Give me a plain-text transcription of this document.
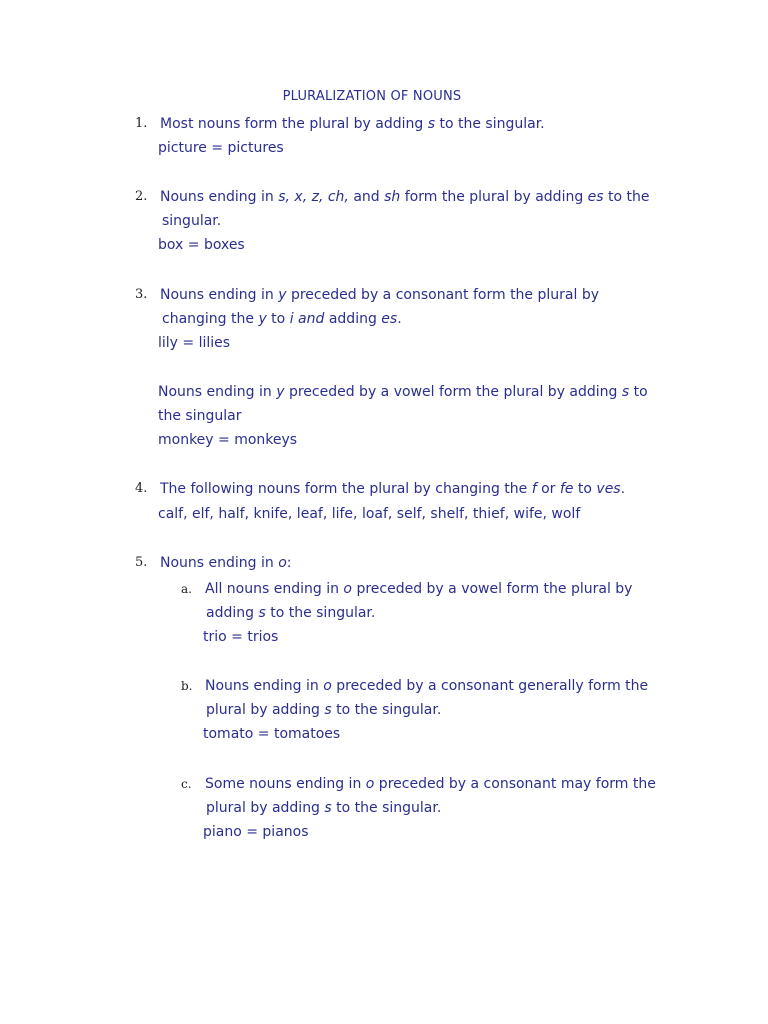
PLURALIZATION OF NOUNS
1. Most nouns form the plural by adding s to the singular.
picture = pictures
2. Nouns ending in s, x, z, ch, and sh form the plural by adding es to the
singular.
box = boxes
3. Nouns ending in y preceded by a consonant form the plural by
changing the y to i and adding es.
lily = lilies
Nouns ending in y preceded by a vowel form the plural by adding s to
the singular
monkey = monkeys
4. The following nouns form the plural by changing the f or fe to ves.
calf, elf, half, knife, leaf, life, loaf, self, shelf, thief, wife, wolf
5. Nouns ending in o:
a. All nouns ending in o preceded by a vowel form the plural by
adding s to the singular.
trio = trios
b. Nouns ending in o preceded by a consonant generally form the
plural by adding s to the singular.
tomato = tomatoes
c. Some nouns ending in o preceded by a consonant may form the
plural by adding s to the singular.
piano = pianos
